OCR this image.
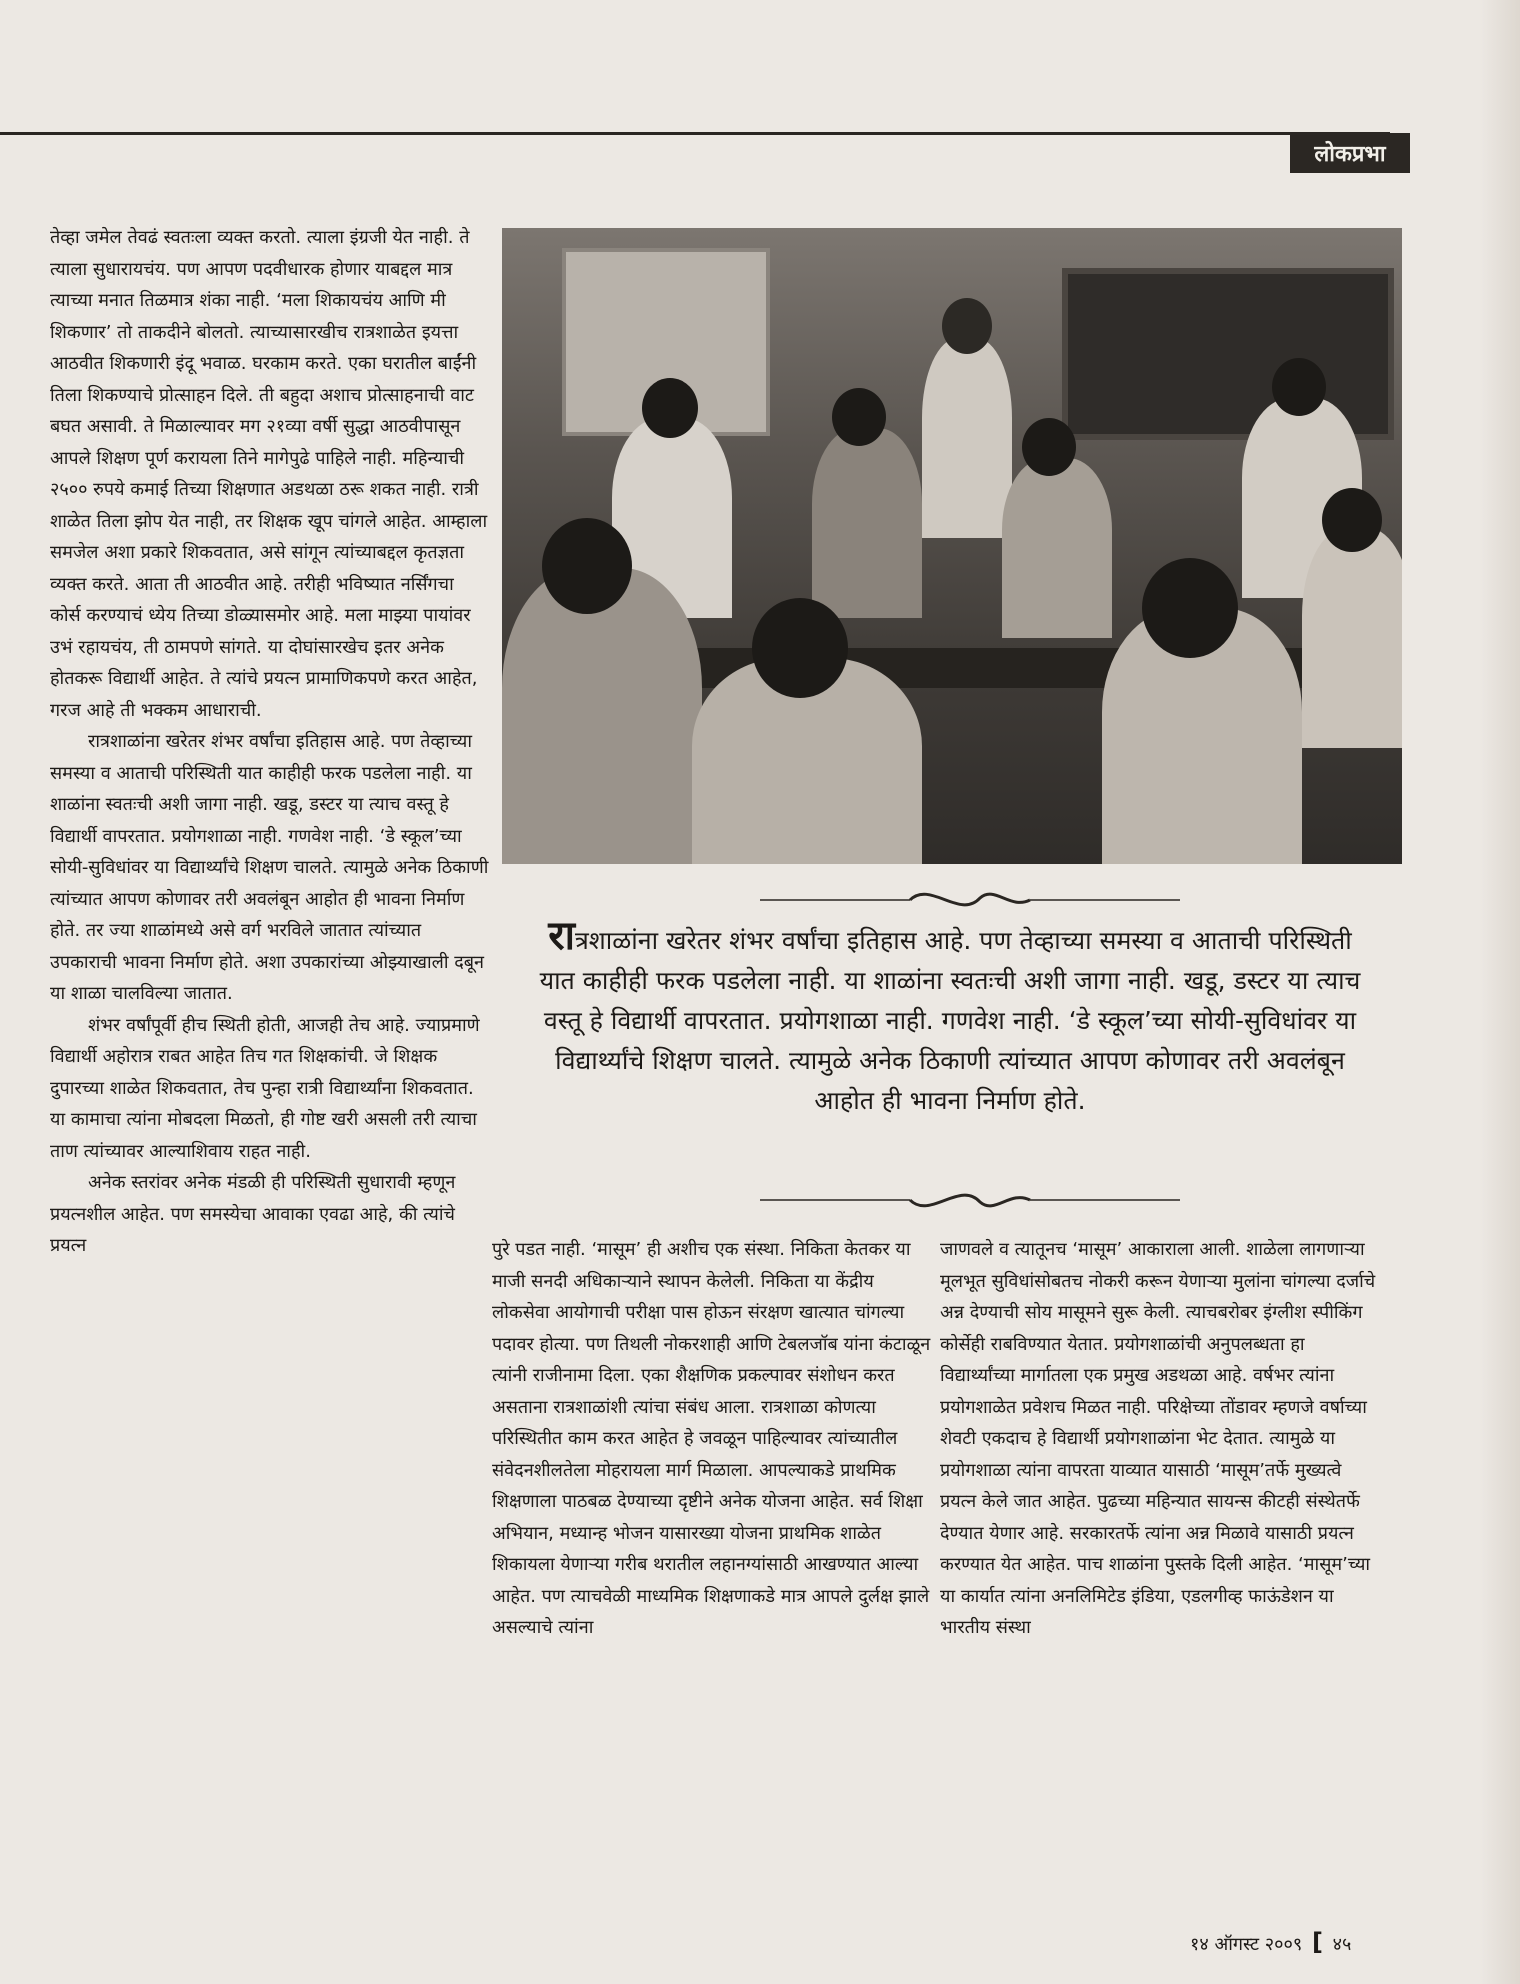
लोकप्रभा

तेव्हा जमेल तेवढं स्वतःला व्यक्त करतो. त्याला इंग्रजी येत नाही. ते त्याला सुधारायचंय. पण आपण पदवीधारक होणार याबद्दल मात्र त्याच्या मनात तिळमात्र शंका नाही. ‘मला शिकायचंय आणि मी शिकणार’ तो ताकदीने बोलतो. त्याच्यासारखीच रात्रशाळेत इयत्ता आठवीत शिकणारी इंदू भवाळ. घरकाम करते. एका घरातील बाईंनी तिला शिकण्याचे प्रोत्साहन दिले. ती बहुदा अशाच प्रोत्साहनाची वाट बघत असावी. ते मिळाल्यावर मग २१व्या वर्षी सुद्धा आठवीपासून आपले शिक्षण पूर्ण करायला तिने मागेपुढे पाहिले नाही. महिन्याची २५०० रुपये कमाई तिच्या शिक्षणात अडथळा ठरू शकत नाही. रात्री शाळेत तिला झोप येत नाही, तर शिक्षक खूप चांगले आहेत. आम्हाला समजेल अशा प्रकारे शिकवतात, असे सांगून त्यांच्याबद्दल कृतज्ञता व्यक्त करते. आता ती आठवीत आहे. तरीही भविष्यात नर्सिंगचा कोर्स करण्याचं ध्येय तिच्या डोळ्यासमोर आहे. मला माझ्या पायांवर उभं रहायचंय, ती ठामपणे सांगते. या दोघांसारखेच इतर अनेक होतकरू विद्यार्थी आहेत. ते त्यांचे प्रयत्न प्रामाणिकपणे करत आहेत, गरज आहे ती भक्कम आधाराची.

रात्रशाळांना खरेतर शंभर वर्षांचा इतिहास आहे. पण तेव्हाच्या समस्या व आताची परिस्थिती यात काहीही फरक पडलेला नाही. या शाळांना स्वतःची अशी जागा नाही. खडू, डस्टर या त्याच वस्तू हे विद्यार्थी वापरतात. प्रयोगशाळा नाही. गणवेश नाही. ‘डे स्कूल’च्या सोयी-सुविधांवर या विद्यार्थ्यांचे शिक्षण चालते. त्यामुळे अनेक ठिकाणी त्यांच्यात आपण कोणावर तरी अवलंबून आहोत ही भावना निर्माण होते. तर ज्या शाळांमध्ये असे वर्ग भरविले जातात त्यांच्यात उपकाराची भावना निर्माण होते. अशा उपकारांच्या ओझ्याखाली दबून या शाळा चालविल्या जातात.

शंभर वर्षांपूर्वी हीच स्थिती होती, आजही तेच आहे. ज्याप्रमाणे विद्यार्थी अहोरात्र राबत आहेत तिच गत शिक्षकांची. जे शिक्षक दुपारच्या शाळेत शिकवतात, तेच पुन्हा रात्री विद्यार्थ्यांना शिकवतात. या कामाचा त्यांना मोबदला मिळतो, ही गोष्ट खरी असली तरी त्याचा ताण त्यांच्यावर आल्याशिवाय राहत नाही.

अनेक स्तरांवर अनेक मंडळी ही परिस्थिती सुधारावी म्हणून प्रयत्नशील आहेत. पण समस्येचा आवाका एवढा आहे, की त्यांचे प्रयत्न

रात्रशाळांना खरेतर शंभर वर्षांचा इतिहास आहे. पण तेव्हाच्या समस्या व आताची परिस्थिती यात काहीही फरक पडलेला नाही. या शाळांना स्वतःची अशी जागा नाही. खडू, डस्टर या त्याच वस्तू हे विद्यार्थी वापरतात. प्रयोगशाळा नाही. गणवेश नाही. ‘डे स्कूल’च्या सोयी-सुविधांवर या विद्यार्थ्यांचे शिक्षण चालते. त्यामुळे अनेक ठिकाणी त्यांच्यात आपण कोणावर तरी अवलंबून आहोत ही भावना निर्माण होते.

पुरे पडत नाही. ‘मासूम’ ही अशीच एक संस्था. निकिता केतकर या माजी सनदी अधिकाऱ्याने स्थापन केलेली. निकिता या केंद्रीय लोकसेवा आयोगाची परीक्षा पास होऊन संरक्षण खात्यात चांगल्या पदावर होत्या. पण तिथली नोकरशाही आणि टेबलजॉब यांना कंटाळून त्यांनी राजीनामा दिला. एका शैक्षणिक प्रकल्पावर संशोधन करत असताना रात्रशाळांशी त्यांचा संबंध आला. रात्रशाळा कोणत्या परिस्थितीत काम करत आहेत हे जवळून पाहिल्यावर त्यांच्यातील संवेदनशीलतेला मोहरायला मार्ग मिळाला. आपल्याकडे प्राथमिक शिक्षणाला पाठबळ देण्याच्या दृष्टीने अनेक योजना आहेत. सर्व शिक्षा अभियान, मध्यान्ह भोजन यासारख्या योजना प्राथमिक शाळेत शिकायला येणाऱ्या गरीब थरातील लहानग्यांसाठी आखण्यात आल्या आहेत. पण त्याचवेळी माध्यमिक शिक्षणाकडे मात्र आपले दुर्लक्ष झाले असल्याचे त्यांना

जाणवले व त्यातूनच ‘मासूम’ आकाराला आली. शाळेला लागणाऱ्या मूलभूत सुविधांसोबतच नोकरी करून येणाऱ्या मुलांना चांगल्या दर्जाचे अन्न देण्याची सोय मासूमने सुरू केली. त्याचबरोबर इंग्लीश स्पीकिंग कोर्सेही राबविण्यात येतात. प्रयोगशाळांची अनुपलब्धता हा विद्यार्थ्यांच्या मार्गातला एक प्रमुख अडथळा आहे. वर्षभर त्यांना प्रयोगशाळेत प्रवेशच मिळत नाही. परिक्षेच्या तोंडावर म्हणजे वर्षाच्या शेवटी एकदाच हे विद्यार्थी प्रयोगशाळांना भेट देतात. त्यामुळे या प्रयोगशाळा त्यांना वापरता याव्यात यासाठी ‘मासूम’तर्फे मुख्यत्वे प्रयत्न केले जात आहेत. पुढच्या महिन्यात सायन्स कीटही संस्थेतर्फे देण्यात येणार आहे. सरकारतर्फे त्यांना अन्न मिळावे यासाठी प्रयत्न करण्यात येत आहेत. पाच शाळांना पुस्तके दिली आहेत. ‘मासूम’च्या या कार्यात त्यांना अनलिमिटेड इंडिया, एडलगीव्ह फाऊंडेशन या भारतीय संस्था

१४ ऑगस्ट २००९ [ ४५
